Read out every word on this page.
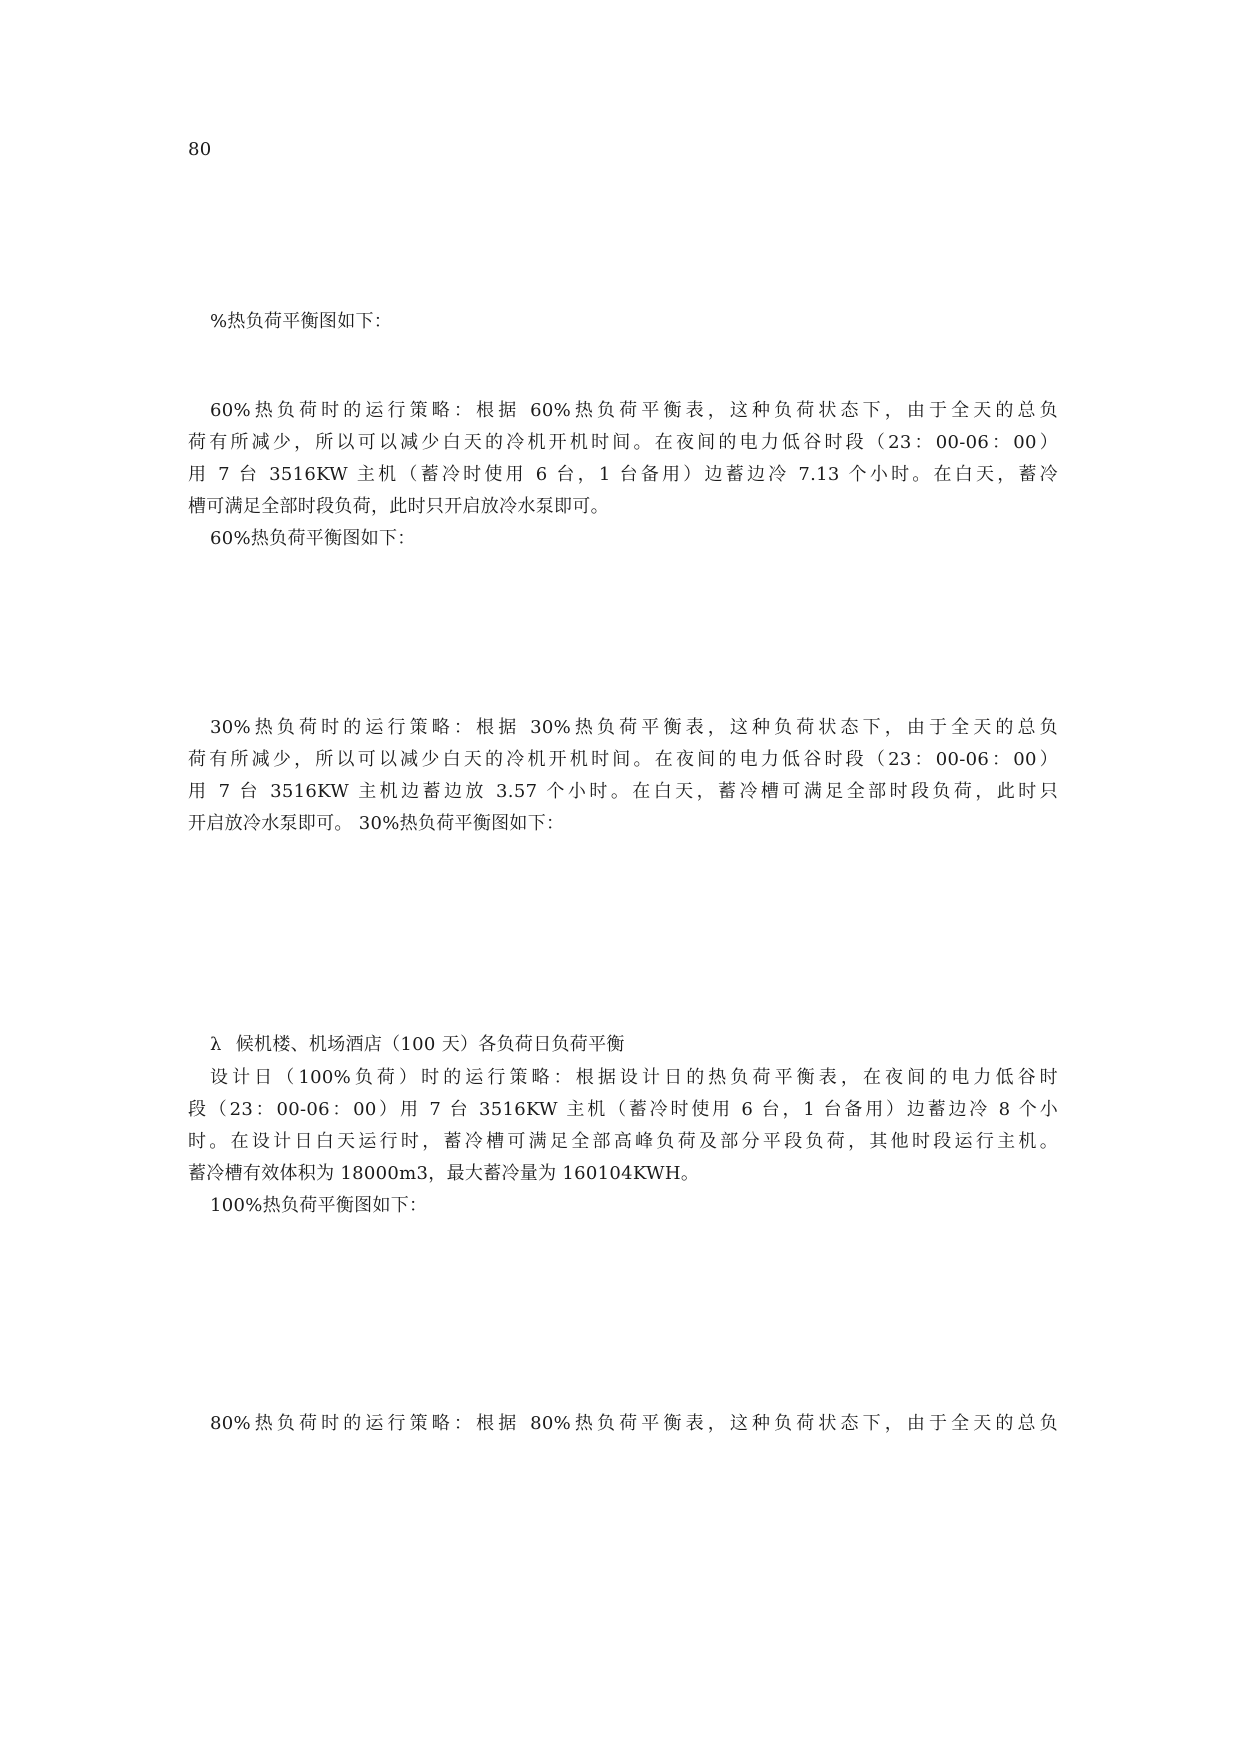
80
%热负荷平衡图如下：
60%热负荷时的运行策略：根据 60%热负荷平衡表，这种负荷状态下，由于全天的总负
荷有所减少，所以可以减少白天的冷机开机时间。在夜间的电力低谷时段（23：00-06：00）
用 7 台 3516KW 主机（蓄冷时使用 6 台，1 台备用）边蓄边冷 7.13 个小时。在白天，蓄冷
槽可满足全部时段负荷，此时只开启放冷水泵即可。
60%热负荷平衡图如下：
30%热负荷时的运行策略：根据 30%热负荷平衡表，这种负荷状态下，由于全天的总负
荷有所减少，所以可以减少白天的冷机开机时间。在夜间的电力低谷时段（23：00-06：00）
用 7 台 3516KW 主机边蓄边放 3.57 个小时。在白天，蓄冷槽可满足全部时段负荷，此时只
开启放冷水泵即可。 30%热负荷平衡图如下：
λ 候机楼、机场酒店（100 天）各负荷日负荷平衡
设计日（100%负荷）时的运行策略：根据设计日的热负荷平衡表，在夜间的电力低谷时
段（23：00-06：00）用 7 台 3516KW 主机（蓄冷时使用 6 台，1 台备用）边蓄边冷 8 个小
时。在设计日白天运行时，蓄冷槽可满足全部高峰负荷及部分平段负荷，其他时段运行主机。
蓄冷槽有效体积为 18000m3，最大蓄冷量为 160104KWH。
100%热负荷平衡图如下：
80%热负荷时的运行策略：根据 80%热负荷平衡表，这种负荷状态下，由于全天的总负
